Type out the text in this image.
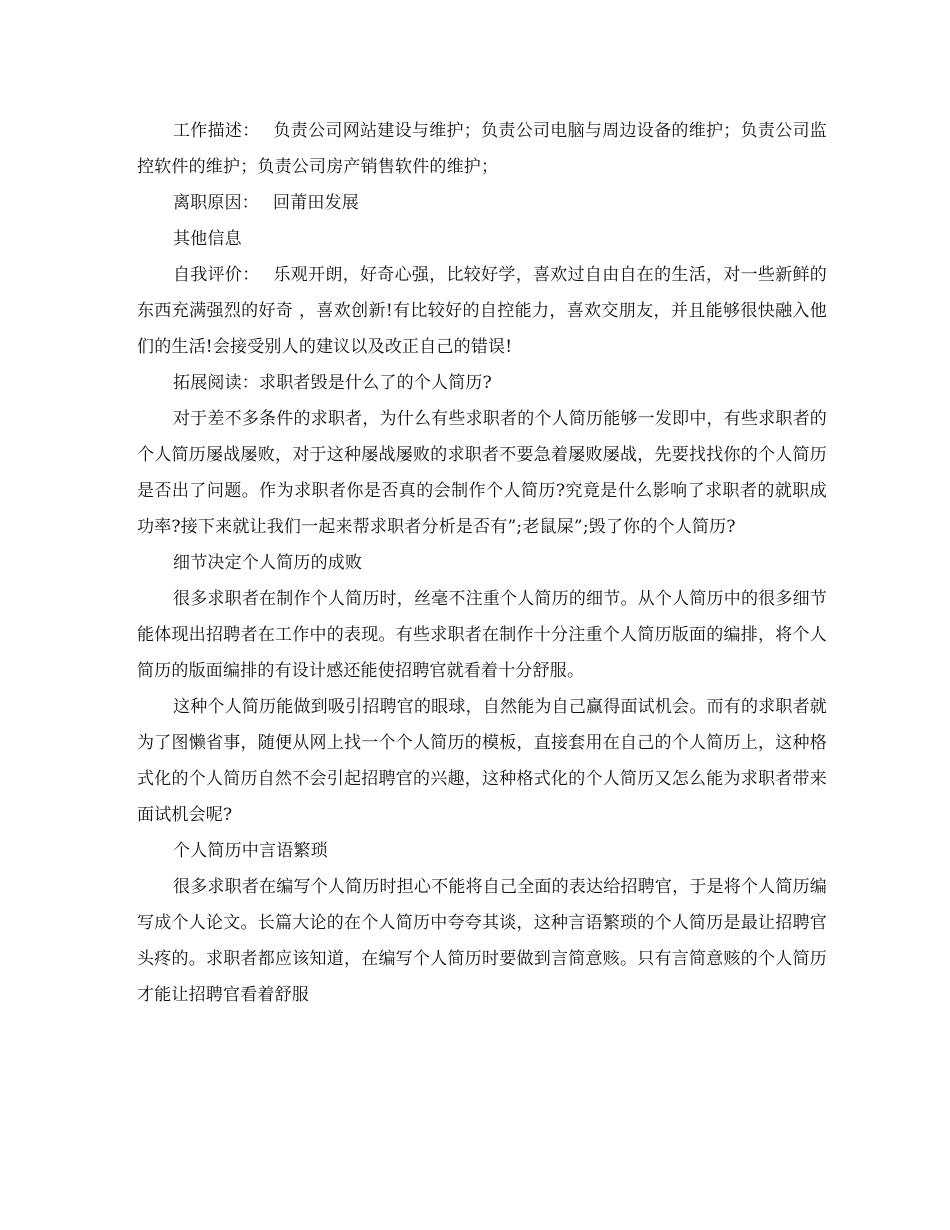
工作描述： 负责公司网站建设与维护；负责公司电脑与周边设备的维护；负责公司监控软件的维护；负责公司房产销售软件的维护；

离职原因： 回莆田发展

其他信息

自我评价： 乐观开朗，好奇心强，比较好学，喜欢过自由自在的生活，对一些新鲜的东西充满强烈的好奇 ，喜欢创新!有比较好的自控能力，喜欢交朋友，并且能够很快融入他们的生活!会接受别人的建议以及改正自己的错误!

拓展阅读：求职者毁是什么了的个人简历?

对于差不多条件的求职者，为什么有些求职者的个人简历能够一发即中，有些求职者的个人简历屡战屡败，对于这种屡战屡败的求职者不要急着屡败屡战，先要找找你的个人简历是否出了问题。作为求职者你是否真的会制作个人简历?究竟是什么影响了求职者的就职成功率?接下来就让我们一起来帮求职者分析是否有”;老鼠屎”;毁了你的个人简历?

细节决定个人简历的成败

很多求职者在制作个人简历时，丝毫不注重个人简历的细节。从个人简历中的很多细节能体现出招聘者在工作中的表现。有些求职者在制作十分注重个人简历版面的编排，将个人简历的版面编排的有设计感还能使招聘官就看着十分舒服。

这种个人简历能做到吸引招聘官的眼球，自然能为自己赢得面试机会。而有的求职者就为了图懒省事，随便从网上找一个个人简历的模板，直接套用在自己的个人简历上，这种格式化的个人简历自然不会引起招聘官的兴趣，这种格式化的个人简历又怎么能为求职者带来面试机会呢?

个人简历中言语繁琐

很多求职者在编写个人简历时担心不能将自己全面的表达给招聘官，于是将个人简历编写成个人论文。长篇大论的在个人简历中夸夸其谈，这种言语繁琐的个人简历是最让招聘官头疼的。求职者都应该知道，在编写个人简历时要做到言简意赅。只有言简意赅的个人简历才能让招聘官看着舒服
